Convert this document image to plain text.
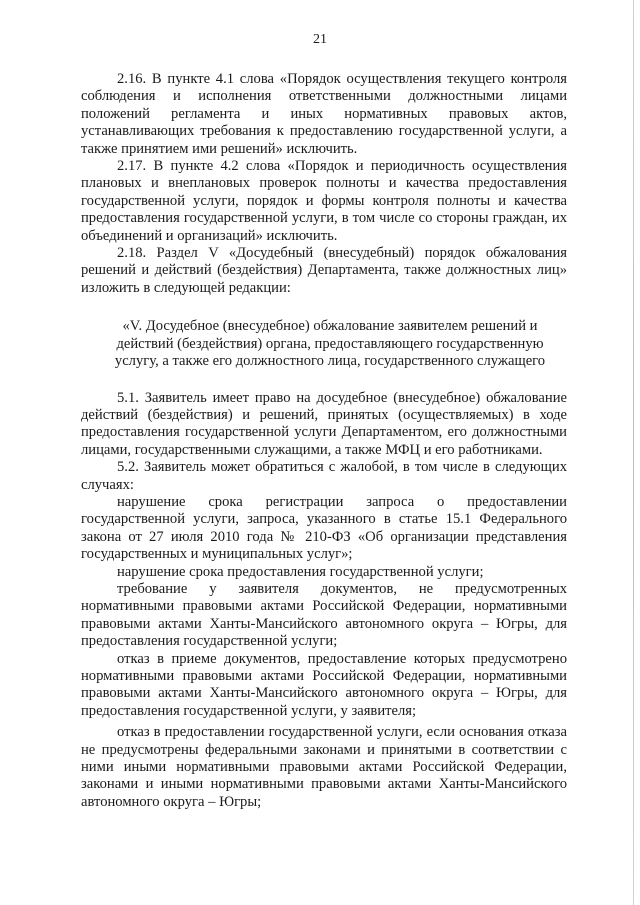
21

2.16. В пункте 4.1 слова «Порядок осуществления текущего контроля соблюдения и исполнения ответственными должностными лицами положений регламента и иных нормативных правовых актов, устанавливающих требования к предоставлению государственной услуги, а также принятием ими решений» исключить.

2.17. В пункте 4.2 слова «Порядок и периодичность осуществления плановых и внеплановых проверок полноты и качества предоставления государственной услуги, порядок и формы контроля полноты и качества предоставления государственной услуги, в том числе со стороны граждан, их объединений и организаций» исключить.

2.18. Раздел V «Досудебный (внесудебный) порядок обжалования решений и действий (бездействия) Департамента, также должностных лиц» изложить в следующей редакции:

«V. Досудебное (внесудебное) обжалование заявителем решений и
действий (бездействия) органа, предоставляющего государственную
услугу, а также его должностного лица, государственного служащего

5.1. Заявитель имеет право на досудебное (внесудебное) обжалование действий (бездействия) и решений, принятых (осуществляемых) в ходе предоставления государственной услуги Департаментом, его должностными лицами, государственными служащими, а также МФЦ и его работниками.

5.2. Заявитель может обратиться с жалобой, в том числе в следующих случаях:

нарушение срока регистрации запроса о предоставлении государственной услуги, запроса, указанного в статье 15.1 Федерального закона от 27 июля 2010 года № 210-ФЗ «Об организации представления государственных и муниципальных услуг»;

нарушение срока предоставления государственной услуги;

требование у заявителя документов, не предусмотренных нормативными правовыми актами Российской Федерации, нормативными правовыми актами Ханты-Мансийского автономного округа – Югры, для предоставления государственной услуги;

отказ в приеме документов, предоставление которых предусмотрено нормативными правовыми актами Российской Федерации, нормативными правовыми актами Ханты-Мансийского автономного округа – Югры, для предоставления государственной услуги, у заявителя;

отказ в предоставлении государственной услуги, если основания отказа не предусмотрены федеральными законами и принятыми в соответствии с ними иными нормативными правовыми актами Российской Федерации, законами и иными нормативными правовыми актами Ханты-Мансийского автономного округа – Югры;
